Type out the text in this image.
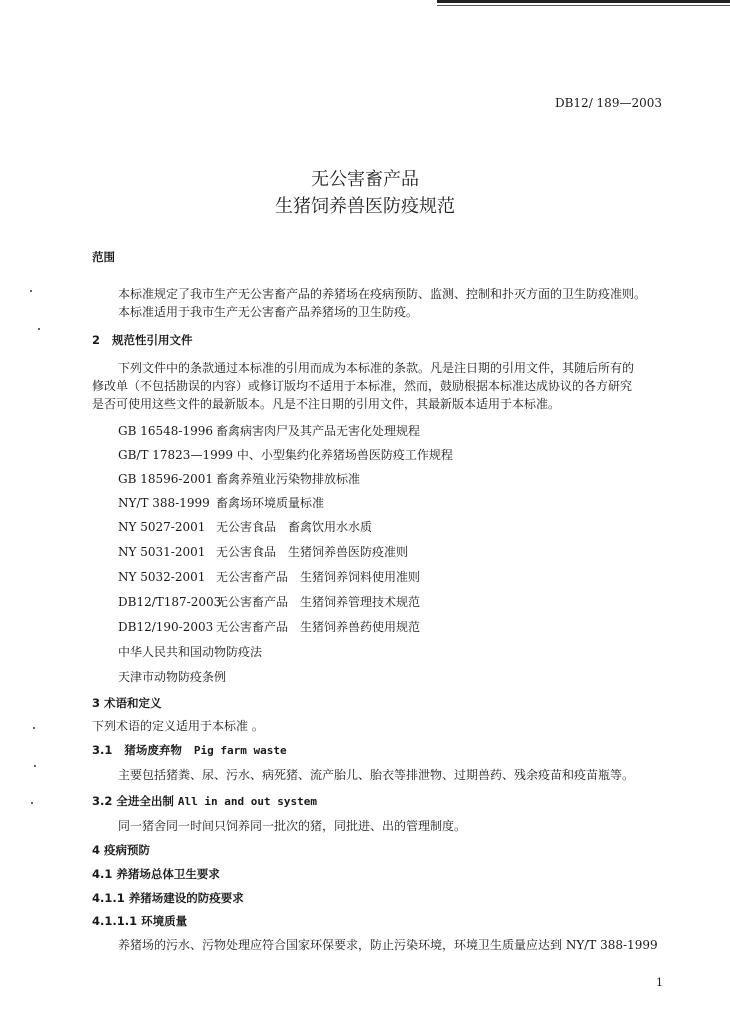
DB12/ 189—2003
无公害畜产品
生猪饲养兽医防疫规范
范围
本标准规定了我市生产无公害畜产品的养猪场在疫病预防、监测、控制和扑灭方面的卫生防疫准则。
本标准适用于我市生产无公害畜产品养猪场的卫生防疫。
2 规范性引用文件
下列文件中的条款通过本标准的引用而成为本标准的条款。凡是注日期的引用文件，其随后所有的
修改单（不包括勘误的内容）或修订版均不适用于本标准，然而，鼓励根据本标准达成协议的各方研究
是否可使用这些文件的最新版本。凡是不注日期的引用文件，其最新版本适用于本标准。
GB 16548-1996 畜禽病害肉尸及其产品无害化处理规程
GB/T 17823—1999 中、小型集约化养猪场兽医防疫工作规程
GB 18596-2001 畜禽养殖业污染物排放标准
NY/T 388-1999 畜禽场环境质量标准
NY 5027-2001 无公害食品　畜禽饮用水水质
NY 5031-2001 无公害食品　生猪饲养兽医防疫准则
NY 5032-2001 无公害畜产品　生猪饲养饲料使用准则
DB12/T187-2003无公害畜产品　生猪饲养管理技术规范
DB12/190-2003 无公害畜产品　生猪饲养兽药使用规范
中华人民共和国动物防疫法
天津市动物防疫条例
3 术语和定义
下列术语的定义适用于本标准 。
3.1 猪场废弃物 Pig farm waste
主要包括猪粪、尿、污水、病死猪、流产胎儿、胎衣等排泄物、过期兽药、残余疫苗和疫苗瓶等。
3.2 全进全出制 All in and out system
同一猪舍同一时间只饲养同一批次的猪，同批进、出的管理制度。
4 疫病预防
4.1 养猪场总体卫生要求
4.1.1 养猪场建设的防疫要求
4.1.1.1 环境质量
养猪场的污水、污物处理应符合国家环保要求，防止污染环境，环境卫生质量应达到 NY/T 388-1999
1
